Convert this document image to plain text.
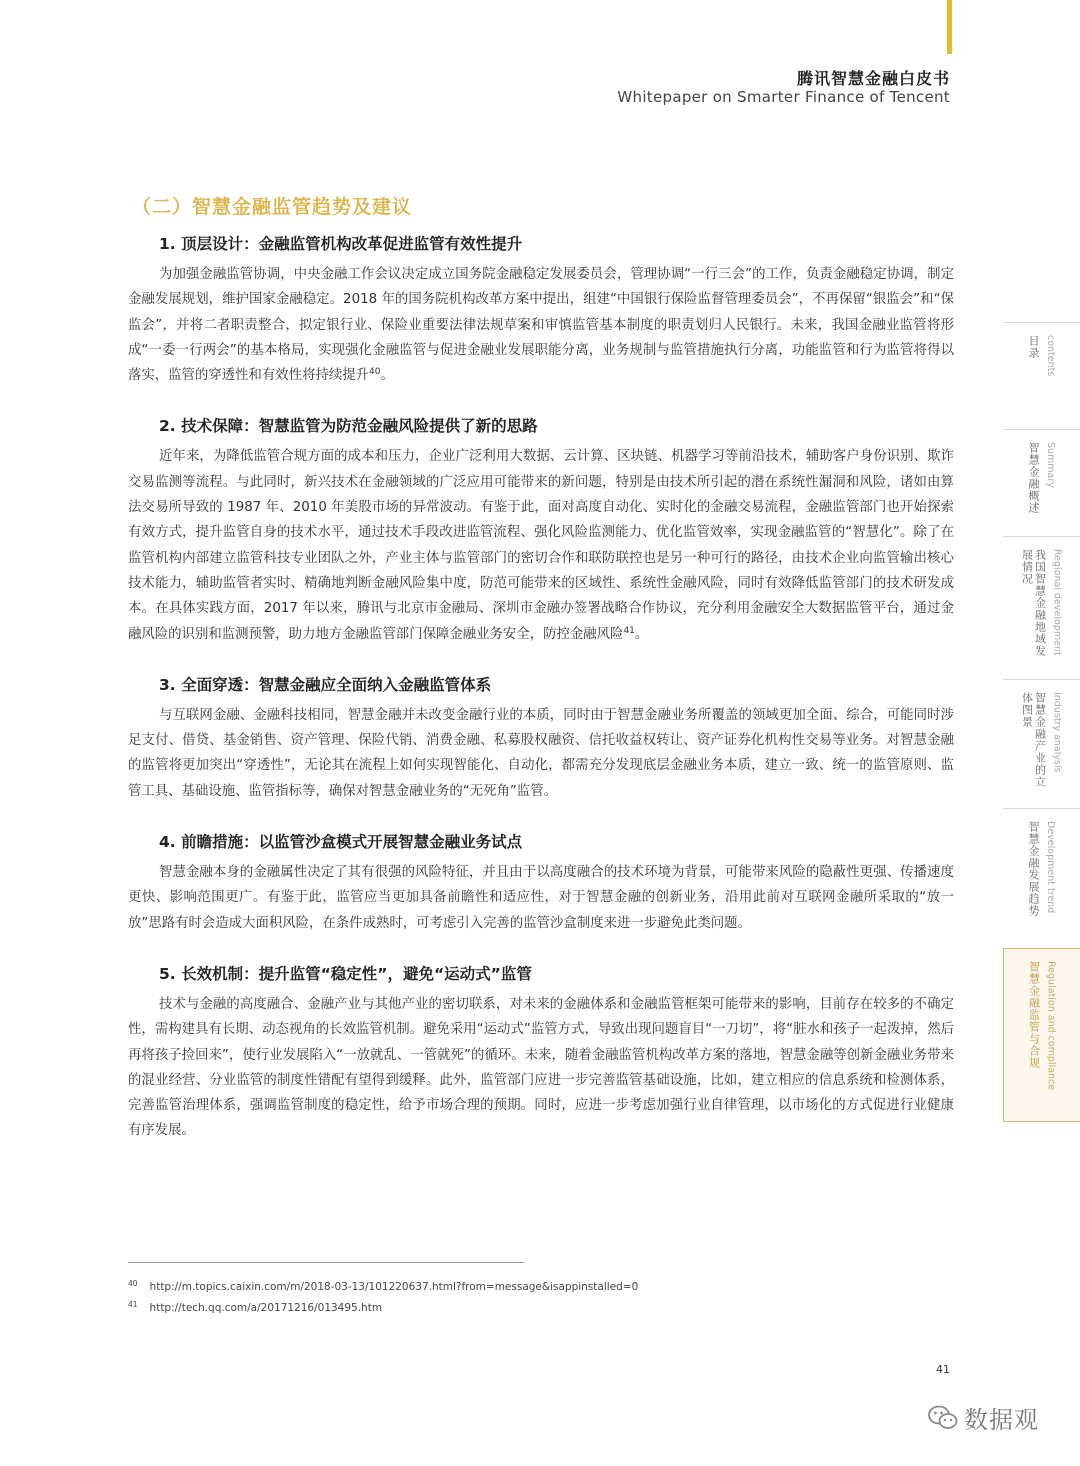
腾讯智慧金融白皮书
Whitepaper on Smarter Finance of Tencent
（二）智慧金融监管趋势及建议
1. 顶层设计：金融监管机构改革促进监管有效性提升
为加强金融监管协调，中央金融工作会议决定成立国务院金融稳定发展委员会，管理协调“一行三会”的工作，负责金融稳定协调，制定金融发展规划，维护国家金融稳定。2018 年的国务院机构改革方案中提出，组建“中国银行保险监督管理委员会”，不再保留“银监会”和“保监会”，并将二者职责整合，拟定银行业、保险业重要法律法规草案和审慎监管基本制度的职责划归人民银行。未来，我国金融业监管将形成“一委一行两会”的基本格局，实现强化金融监管与促进金融业发展职能分离，业务规制与监管措施执行分离，功能监管和行为监管将得以落实，监管的穿透性和有效性将持续提升$^{40}$。
2. 技术保障：智慧监管为防范金融风险提供了新的思路
近年来，为降低监管合规方面的成本和压力，企业广泛利用大数据、云计算、区块链、机器学习等前沿技术，辅助客户身份识别、欺诈交易监测等流程。与此同时，新兴技术在金融领域的广泛应用可能带来的新问题，特别是由技术所引起的潜在系统性漏洞和风险，诸如由算法交易所导致的 1987 年、2010 年美股市场的异常波动。有鉴于此，面对高度自动化、实时化的金融交易流程，金融监管部门也开始探索有效方式，提升监管自身的技术水平，通过技术手段改进监管流程、强化风险监测能力、优化监管效率，实现金融监管的“智慧化”。除了在监管机构内部建立监管科技专业团队之外，产业主体与监管部门的密切合作和联防联控也是另一种可行的路径，由技术企业向监管输出核心技术能力，辅助监管者实时、精确地判断金融风险集中度，防范可能带来的区域性、系统性金融风险，同时有效降低监管部门的技术研发成本。在具体实践方面，2017 年以来，腾讯与北京市金融局、深圳市金融办签署战略合作协议，充分利用金融安全大数据监管平台，通过金融风险的识别和监测预警，助力地方金融监管部门保障金融业务安全，防控金融风险$^{41}$。
3. 全面穿透：智慧金融应全面纳入金融监管体系
与互联网金融、金融科技相同，智慧金融并未改变金融行业的本质，同时由于智慧金融业务所覆盖的领域更加全面、综合，可能同时涉足支付、借贷、基金销售、资产管理、保险代销、消费金融、私募股权融资、信托收益权转让、资产证券化机构性交易等业务。对智慧金融的监管将更加突出“穿透性”，无论其在流程上如何实现智能化、自动化，都需充分发现底层金融业务本质，建立一致、统一的监管原则、监管工具、基础设施、监管指标等，确保对智慧金融业务的“无死角”监管。
4. 前瞻措施：以监管沙盒模式开展智慧金融业务试点
智慧金融本身的金融属性决定了其有很强的风险特征，并且由于以高度融合的技术环境为背景，可能带来风险的隐蔽性更强、传播速度更快、影响范围更广。有鉴于此，监管应当更加具备前瞻性和适应性，对于智慧金融的创新业务，沿用此前对互联网金融所采取的“放一放”思路有时会造成大面积风险，在条件成熟时，可考虑引入完善的监管沙盒制度来进一步避免此类问题。
5. 长效机制：提升监管“稳定性”，避免“运动式”监管
技术与金融的高度融合、金融产业与其他产业的密切联系，对未来的金融体系和金融监管框架可能带来的影响，目前存在较多的不确定性，需构建具有长期、动态视角的长效监管机制。避免采用“运动式”监管方式，导致出现问题盲目“一刀切”，将“脏水和孩子一起泼掉，然后再将孩子捡回来”，使行业发展陷入“一放就乱、一管就死”的循环。未来，随着金融监管机构改革方案的落地，智慧金融等创新金融业务带来的混业经营、分业监管的制度性错配有望得到缓释。此外，监管部门应进一步完善监管基础设施，比如，建立相应的信息系统和检测体系，完善监管治理体系，强调监管制度的稳定性，给予市场合理的预期。同时，应进一步考虑加强行业自律管理，以市场化的方式促进行业健康有序发展。
$^{40}$ http://m.topics.caixin.com/m/2018-03-13/101220637.html?from=message&isappinstalled=0
$^{41}$ http://tech.qq.com/a/20171216/013495.htm
41
contents
目录
Summary
智慧金融概述
Regional development
我国智慧金融地域发展情况
Industry analysis
智慧金融产业的立体图景
Development trend
智慧金融发展趋势
Regulation and compliance
智慧金融监管与合规
数据观
